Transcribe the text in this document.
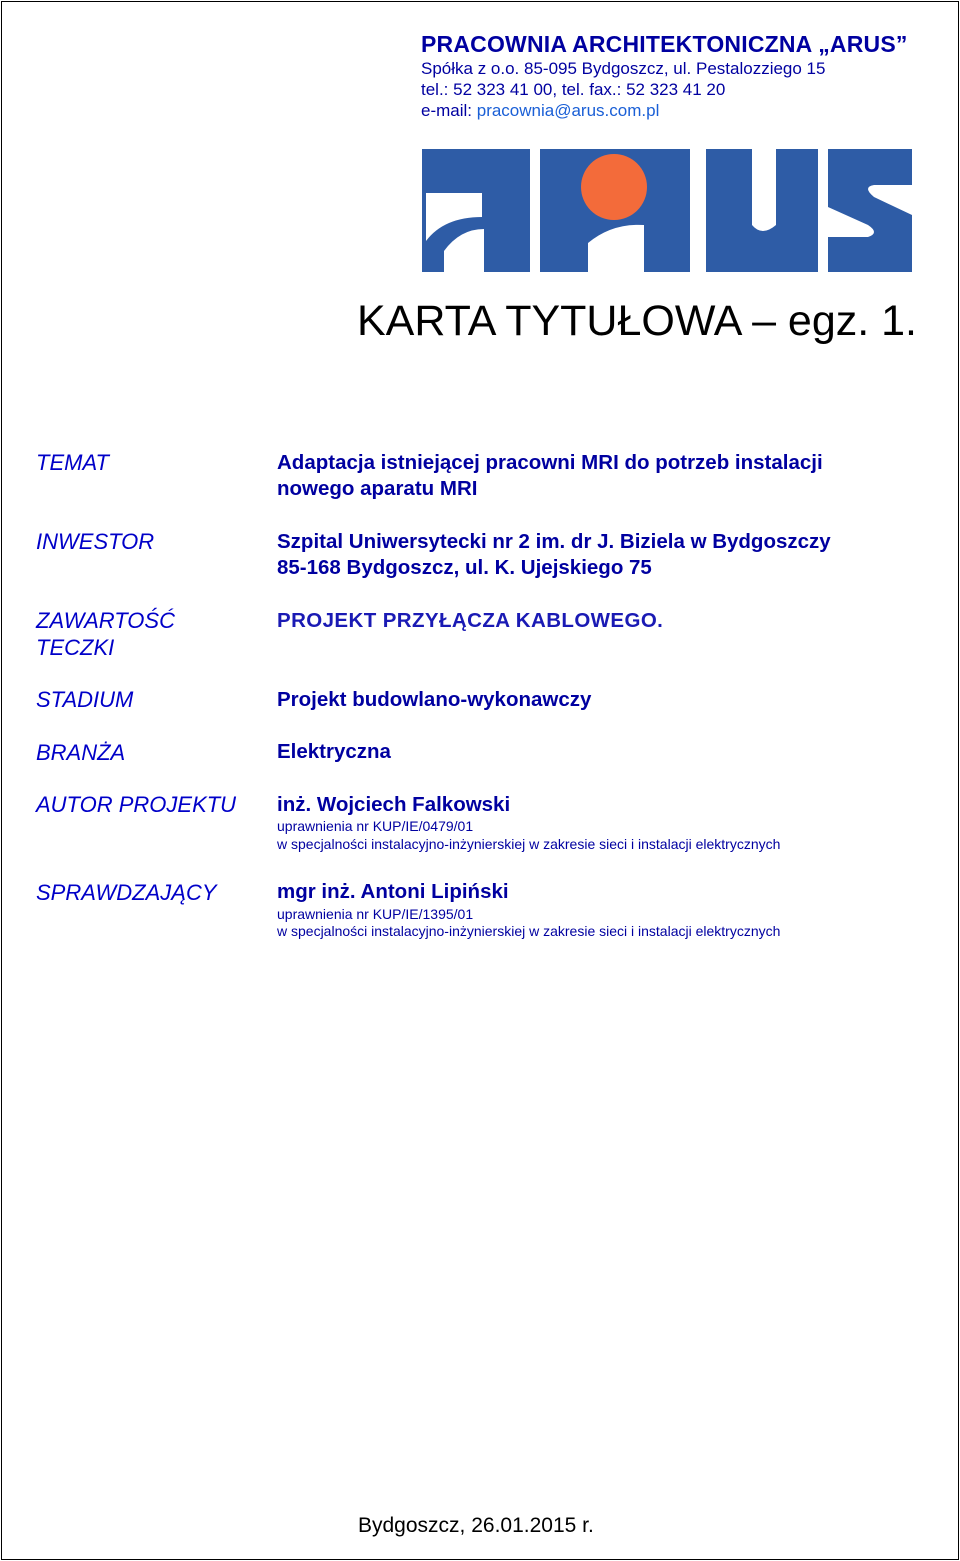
PRACOWNIA ARCHITEKTONICZNA „ARUS”
Spółka z o.o. 85-095 Bydgoszcz, ul. Pestalozziego 15
tel.: 52 323 41 00, tel. fax.: 52 323 41 20
e-mail: pracownia@arus.com.pl
KARTA TYTUŁOWA – egz. 1.
TEMAT
INWESTOR
ZAWARTOŚĆ
TECZKI
STADIUM
BRANŻA
AUTOR PROJEKTU
SPRAWDZAJĄCY
Adaptacja istniejącej pracowni MRI do potrzeb instalacji
nowego aparatu MRI
Szpital Uniwersytecki nr 2 im. dr J. Biziela w Bydgoszczy
85-168 Bydgoszcz, ul. K. Ujejskiego 75
PROJEKT PRZYŁĄCZA KABLOWEGO.
Projekt budowlano-wykonawczy
Elektryczna
inż. Wojciech Falkowski
uprawnienia nr KUP/IE/0479/01
w specjalności instalacyjno-inżynierskiej w zakresie sieci i instalacji elektrycznych
mgr inż. Antoni Lipiński
uprawnienia nr KUP/IE/1395/01
w specjalności instalacyjno-inżynierskiej w zakresie sieci i instalacji elektrycznych
Bydgoszcz, 26.01.2015 r.
